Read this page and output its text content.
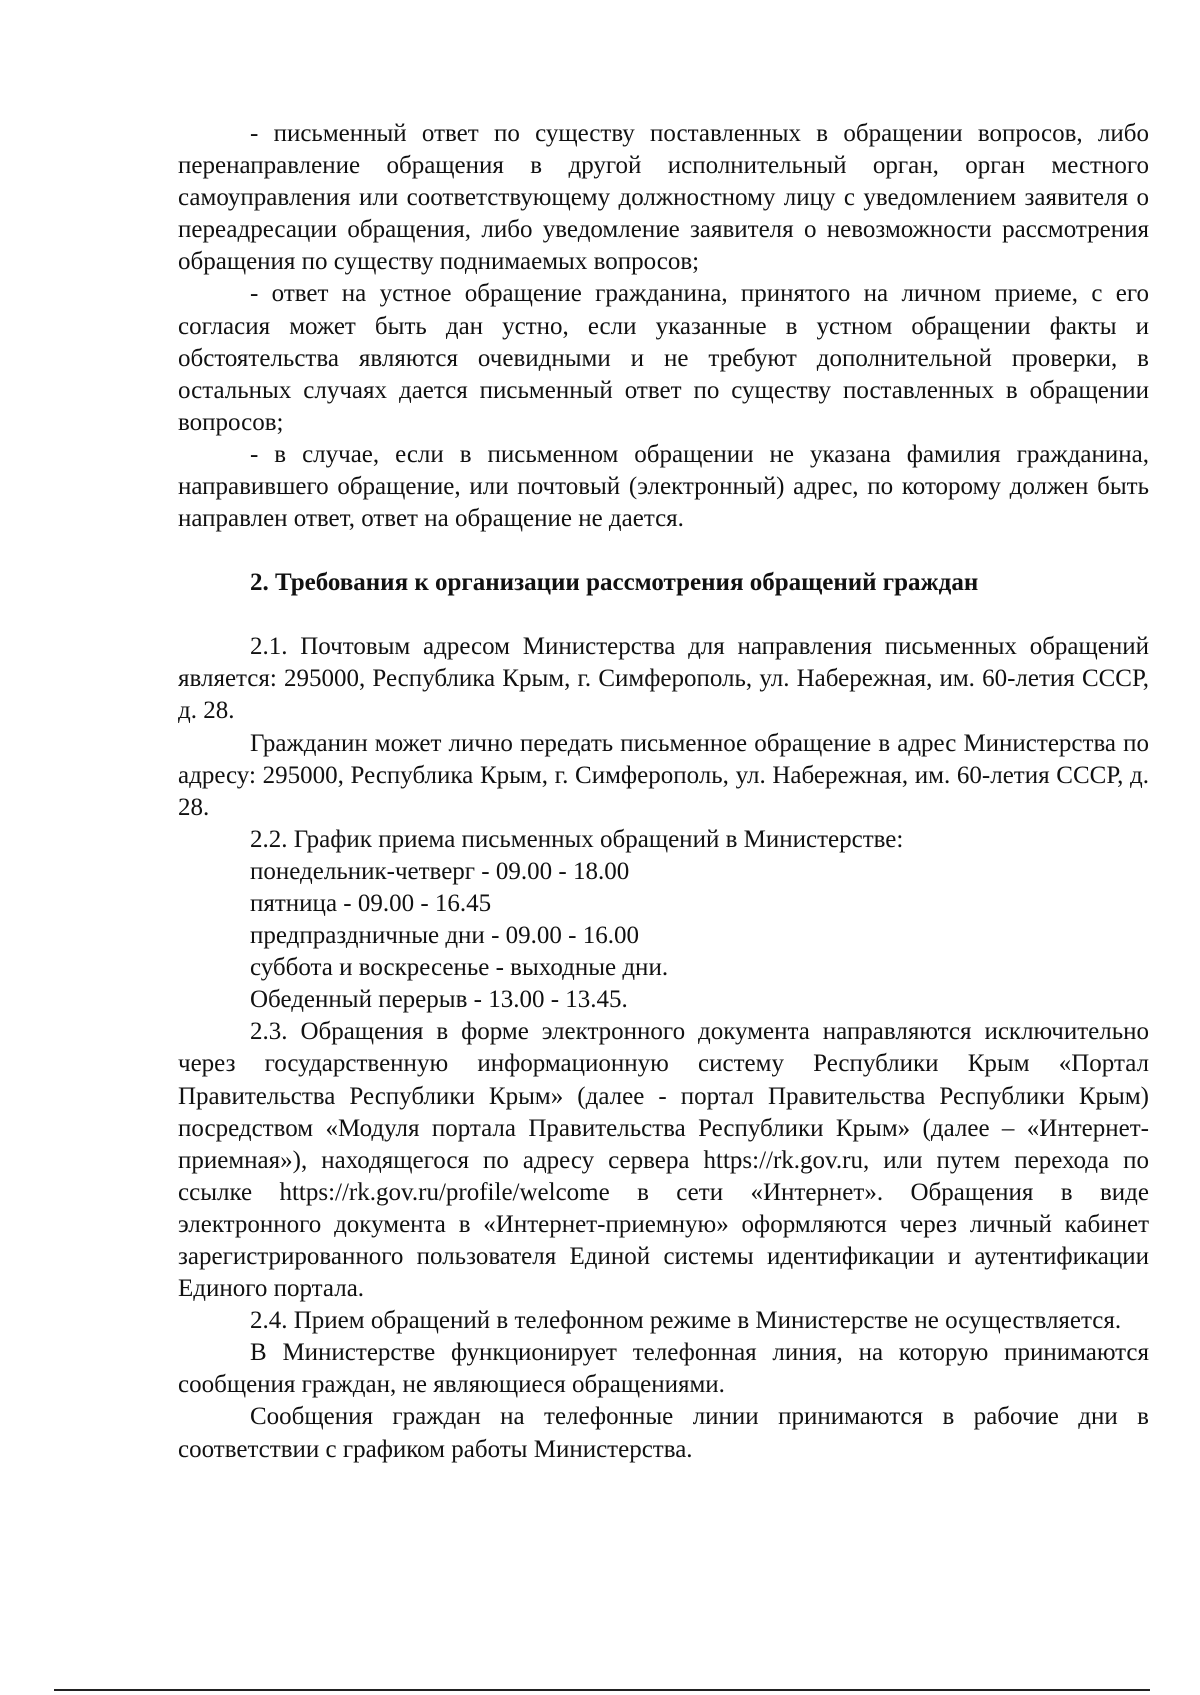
- письменный ответ по существу поставленных в обращении вопросов, либо перенаправление обращения в другой исполнительный орган, орган местного самоуправления или соответствующему должностному лицу с уведомлением заявителя о переадресации обращения, либо уведомление заявителя о невозможности рассмотрения обращения по существу поднимаемых вопросов;

- ответ на устное обращение гражданина, принятого на личном приеме, с его согласия может быть дан устно, если указанные в устном обращении факты и обстоятельства являются очевидными и не требуют дополнительной проверки, в остальных случаях дается письменный ответ по существу поставленных в обращении вопросов;

- в случае, если в письменном обращении не указана фамилия гражданина, направившего обращение, или почтовый (электронный) адрес, по которому должен быть направлен ответ, ответ на обращение не дается.

2. Требования к организации рассмотрения обращений граждан

2.1. Почтовым адресом Министерства для направления письменных обращений является: 295000, Республика Крым, г. Симферополь, ул. Набережная, им. 60-летия СССР, д. 28.

Гражданин может лично передать письменное обращение в адрес Министерства по адресу: 295000, Республика Крым, г. Симферополь, ул. Набережная, им. 60-летия СССР, д. 28.

2.2. График приема письменных обращений в Министерстве:

понедельник-четверг - 09.00 - 18.00

пятница - 09.00 - 16.45

предпраздничные дни - 09.00 - 16.00

суббота и воскресенье - выходные дни.

Обеденный перерыв - 13.00 - 13.45.

2.3. Обращения в форме электронного документа направляются исключительно через государственную информационную систему Республики Крым «Портал Правительства Республики Крым» (далее - портал Правительства Республики Крым) посредством «Модуля портала Правительства Республики Крым» (далее – «Интернет-приемная»), находящегося по адресу сервера https://rk.gov.ru, или путем перехода по ссылке https://rk.gov.ru/profile/welcome в сети «Интернет». Обращения в виде электронного документа в «Интернет-приемную» оформляются через личный кабинет зарегистрированного пользователя Единой системы идентификации и аутентификации Единого портала.

2.4. Прием обращений в телефонном режиме в Министерстве не осуществляется.

В Министерстве функционирует телефонная линия, на которую принимаются сообщения граждан, не являющиеся обращениями.

Сообщения граждан на телефонные линии принимаются в рабочие дни в соответствии с графиком работы Министерства.
